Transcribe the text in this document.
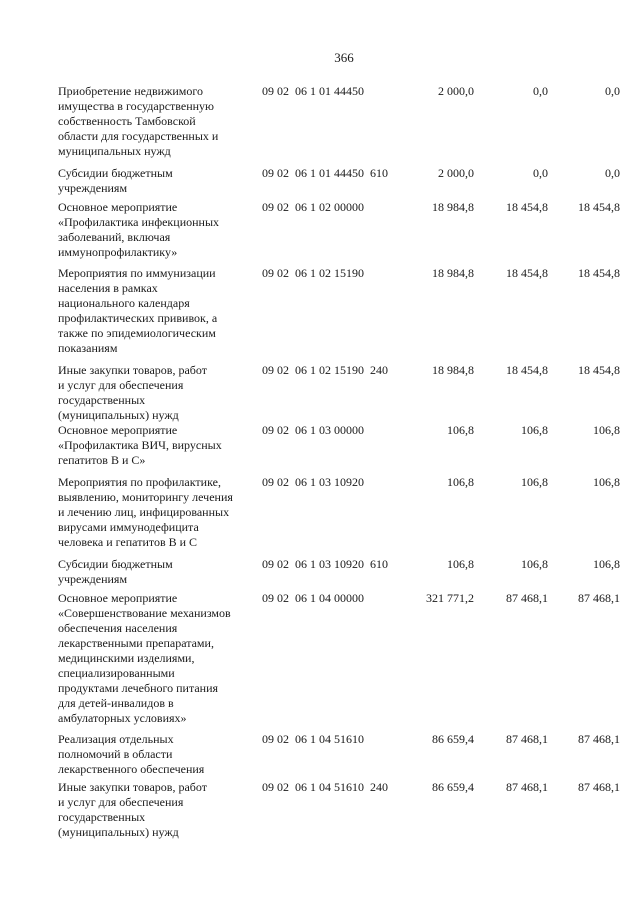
366
Приобретение недвижимого
имущества в государственную
собственность Тамбовской
области для государственных и
муниципальных нужд
09 02  06 1 01 44450	2 000,0	0,0	0,0
Субсидии бюджетным
учреждениям
09 02  06 1 01 44450  610	2 000,0	0,0	0,0
Основное мероприятие
«Профилактика инфекционных
заболеваний, включая
иммунопрофилактику»
09 02  06 1 02 00000	18 984,8	18 454,8	18 454,8
Мероприятия по иммунизации
населения в рамках
национального календаря
профилактических прививок, а
также по эпидемиологическим
показаниям
09 02  06 1 02 15190	18 984,8	18 454,8	18 454,8
Иные закупки товаров, работ
и услуг для обеспечения
государственных
(муниципальных) нужд
09 02  06 1 02 15190  240	18 984,8	18 454,8	18 454,8
Основное мероприятие
«Профилактика ВИЧ, вирусных
гепатитов В и С»
09 02  06 1 03 00000	106,8	106,8	106,8
Мероприятия по профилактике,
выявлению, мониторингу лечения
и лечению лиц, инфицированных
вирусами иммунодефицита
человека и гепатитов В и С
09 02  06 1 03 10920	106,8	106,8	106,8
Субсидии бюджетным
учреждениям
09 02  06 1 03 10920  610	106,8	106,8	106,8
Основное мероприятие
«Совершенствование механизмов
обеспечения населения
лекарственными препаратами,
медицинскими изделиями,
специализированными
продуктами лечебного питания
для детей-инвалидов в
амбулаторных условиях»
09 02  06 1 04 00000	321 771,2	87 468,1	87 468,1
Реализация отдельных
полномочий в области
лекарственного обеспечения
09 02  06 1 04 51610	86 659,4	87 468,1	87 468,1
Иные закупки товаров, работ
и услуг для обеспечения
государственных
(муниципальных) нужд
09 02  06 1 04 51610  240	86 659,4	87 468,1	87 468,1
